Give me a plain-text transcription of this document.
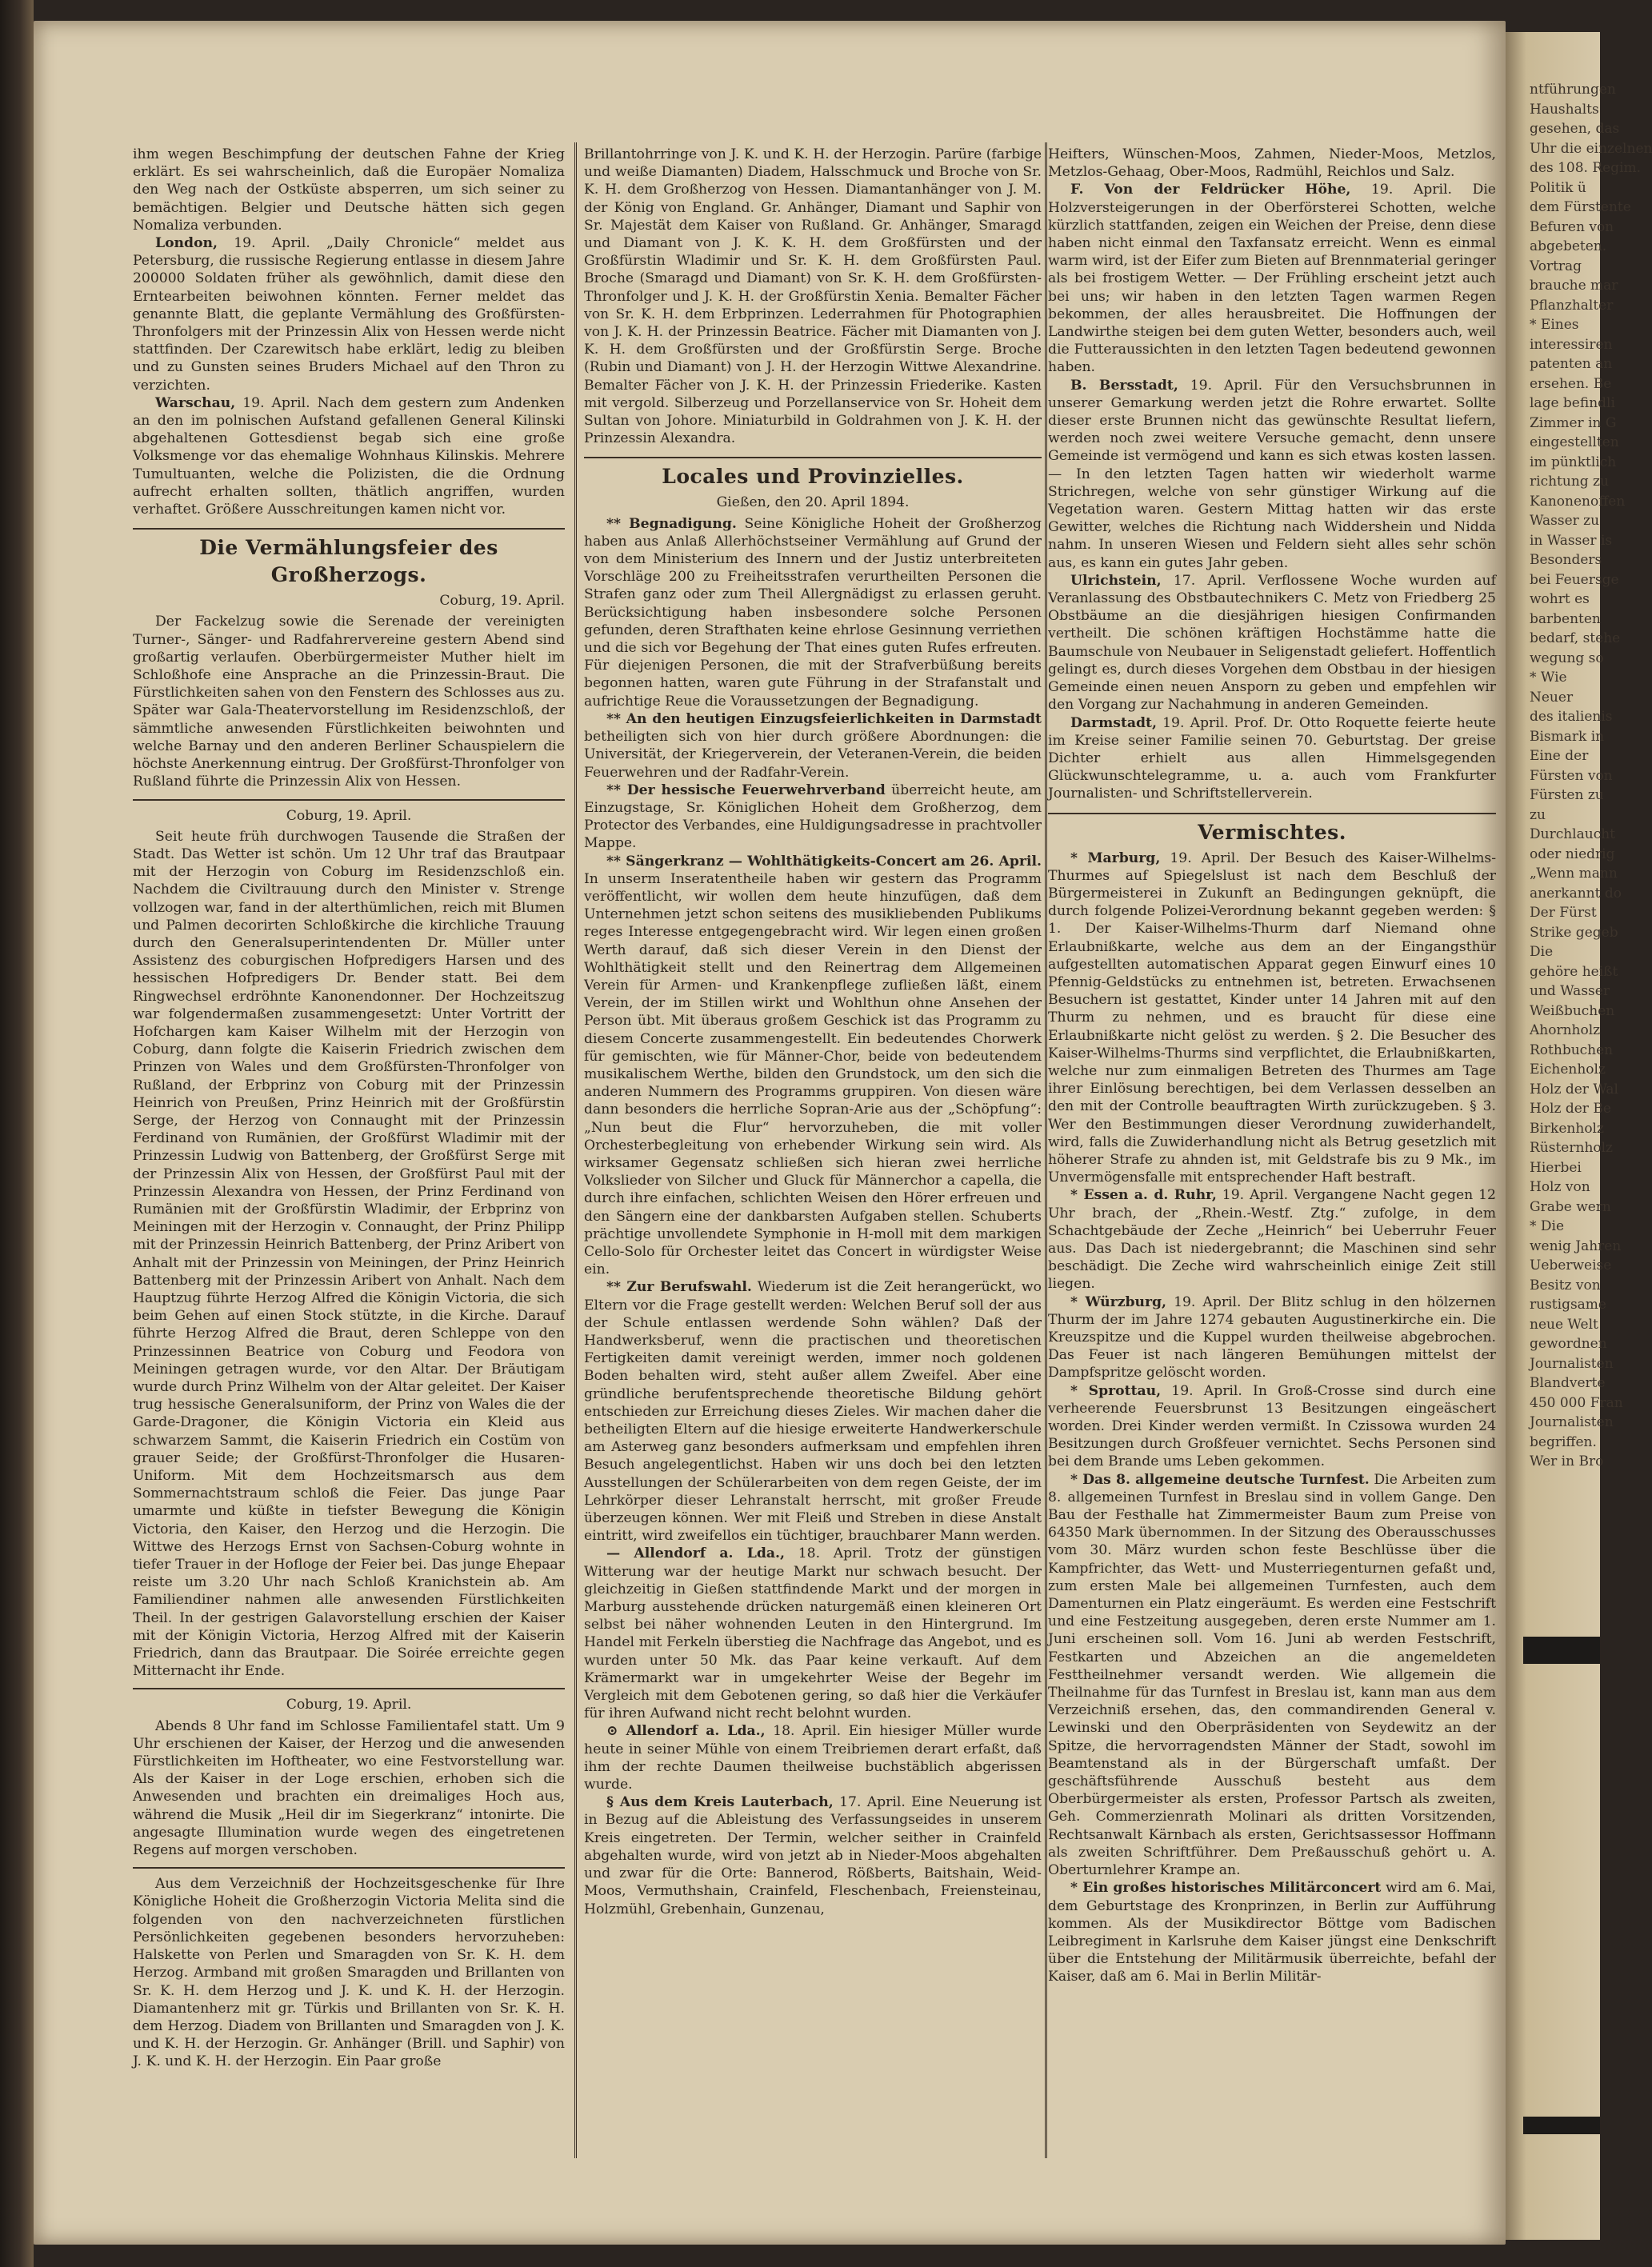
ntführungen
Haushalts
gesehen, das
Uhr die einzelnen
des 108. Regim.
Politik ü
dem Fürstente
Befuren von
abgebeten.
Vortrag
brauche mar
Pflanzhalter
* Eines
interessiren
patenten an
ersehen. Be
lage befindli
Zimmer in G
eingestellten
im pünktlich
richtung zu
Kanonenoffen
Wasser zu
in Wasser is
Besonders
bei Feuersge
wohrt es
barbenten
bedarf, stehe
wegung so
* Wie
Neuer
des italienis
Bismark in
Eine der
Fürsten von
Fürsten zu
zu
Durchlaucht
oder niedrig
„Wenn mann
anerkannt do
Der Fürst
Strike gegeb
Die
gehöre heißt
und Wasser
Weißbuchen
Ahornholz
Rothbuchen
Eichenholz
Holz der Wal
Holz der Be
Birkenholz
Rüsternholz
Hierbei
Holz von
Grabe wern
* Die
wenig Jahren
Ueberweise
Besitz von
rustigsame
neue Welt
gewordnen
Journalisten
Blandverte
450 000 Fran
Journalisten
begriffen.
Wer in Bro

ihm wegen Beschimpfung der deutschen Fahne der Krieg erklärt. Es sei wahrscheinlich, daß die Europäer Nomaliza den Weg nach der Ostküste absperren, um sich seiner zu bemächtigen. Belgier und Deutsche hätten sich gegen Nomaliza verbunden.

London, 19. April. „Daily Chronicle“ meldet aus Petersburg, die russische Regierung entlasse in diesem Jahre 200000 Soldaten früher als gewöhnlich, damit diese den Erntearbeiten beiwohnen könnten. Ferner meldet das genannte Blatt, die geplante Vermählung des Großfürsten-Thronfolgers mit der Prinzessin Alix von Hessen werde nicht stattfinden. Der Czarewitsch habe erklärt, ledig zu bleiben und zu Gunsten seines Bruders Michael auf den Thron zu verzichten.

Warschau, 19. April. Nach dem gestern zum Andenken an den im polnischen Aufstand gefallenen General Kilinski abgehaltenen Gottesdienst begab sich eine große Volksmenge vor das ehemalige Wohnhaus Kilinskis. Mehrere Tumultuanten, welche die Polizisten, die die Ordnung aufrecht erhalten sollten, thätlich angriffen, wurden verhaftet. Größere Ausschreitungen kamen nicht vor.

Die Vermählungsfeier des Großherzogs.
Coburg, 19. April.

Der Fackelzug sowie die Serenade der vereinigten Turner-, Sänger- und Radfahrervereine gestern Abend sind großartig verlaufen. Oberbürgermeister Muther hielt im Schloßhofe eine Ansprache an die Prinzessin-Braut. Die Fürstlichkeiten sahen von den Fenstern des Schlosses aus zu. Später war Gala-Theatervorstellung im Residenzschloß, der sämmtliche anwesenden Fürstlichkeiten beiwohnten und welche Barnay und den anderen Berliner Schauspielern die höchste Anerkennung eintrug. Der Großfürst-Thronfolger von Rußland führte die Prinzessin Alix von Hessen.

Coburg, 19. April.

Seit heute früh durchwogen Tausende die Straßen der Stadt. Das Wetter ist schön. Um 12 Uhr traf das Brautpaar mit der Herzogin von Coburg im Residenzschloß ein. Nachdem die Civiltrauung durch den Minister v. Strenge vollzogen war, fand in der alterthümlichen, reich mit Blumen und Palmen decorirten Schloßkirche die kirchliche Trauung durch den Generalsuperintendenten Dr. Müller unter Assistenz des coburgischen Hofpredigers Harsen und des hessischen Hofpredigers Dr. Bender statt. Bei dem Ringwechsel erdröhnte Kanonendonner. Der Hochzeitszug war folgendermaßen zusammengesetzt: Unter Vortritt der Hofchargen kam Kaiser Wilhelm mit der Herzogin von Coburg, dann folgte die Kaiserin Friedrich zwischen dem Prinzen von Wales und dem Großfürsten-Thronfolger von Rußland, der Erbprinz von Coburg mit der Prinzessin Heinrich von Preußen, Prinz Heinrich mit der Großfürstin Serge, der Herzog von Connaught mit der Prinzessin Ferdinand von Rumänien, der Großfürst Wladimir mit der Prinzessin Ludwig von Battenberg, der Großfürst Serge mit der Prinzessin Alix von Hessen, der Großfürst Paul mit der Prinzessin Alexandra von Hessen, der Prinz Ferdinand von Rumänien mit der Großfürstin Wladimir, der Erbprinz von Meiningen mit der Herzogin v. Connaught, der Prinz Philipp mit der Prinzessin Heinrich Battenberg, der Prinz Aribert von Anhalt mit der Prinzessin von Meiningen, der Prinz Heinrich Battenberg mit der Prinzessin Aribert von Anhalt. Nach dem Hauptzug führte Herzog Alfred die Königin Victoria, die sich beim Gehen auf einen Stock stützte, in die Kirche. Darauf führte Herzog Alfred die Braut, deren Schleppe von den Prinzessinnen Beatrice von Coburg und Feodora von Meiningen getragen wurde, vor den Altar. Der Bräutigam wurde durch Prinz Wilhelm von der Altar geleitet. Der Kaiser trug hessische Generalsuniform, der Prinz von Wales die der Garde-Dragoner, die Königin Victoria ein Kleid aus schwarzem Sammt, die Kaiserin Friedrich ein Costüm von grauer Seide; der Großfürst-Thronfolger die Husaren-Uniform. Mit dem Hochzeitsmarsch aus dem Sommernachtstraum schloß die Feier. Das junge Paar umarmte und küßte in tiefster Bewegung die Königin Victoria, den Kaiser, den Herzog und die Herzogin. Die Wittwe des Herzogs Ernst von Sachsen-Coburg wohnte in tiefer Trauer in der Hofloge der Feier bei. Das junge Ehepaar reiste um 3.20 Uhr nach Schloß Kranichstein ab. Am Familiendiner nahmen alle anwesenden Fürstlichkeiten Theil. In der gestrigen Galavorstellung erschien der Kaiser mit der Königin Victoria, Herzog Alfred mit der Kaiserin Friedrich, dann das Brautpaar. Die Soirée erreichte gegen Mitternacht ihr Ende.

Coburg, 19. April.

Abends 8 Uhr fand im Schlosse Familientafel statt. Um 9 Uhr erschienen der Kaiser, der Herzog und die anwesenden Fürstlichkeiten im Hoftheater, wo eine Festvorstellung war. Als der Kaiser in der Loge erschien, erhoben sich die Anwesenden und brachten ein dreimaliges Hoch aus, während die Musik „Heil dir im Siegerkranz“ intonirte. Die angesagte Illumination wurde wegen des eingetretenen Regens auf morgen verschoben.

Aus dem Verzeichniß der Hochzeitsgeschenke für Ihre Königliche Hoheit die Großherzogin Victoria Melita sind die folgenden von den nachverzeichneten fürstlichen Persönlichkeiten gegebenen besonders hervorzuheben: Halskette von Perlen und Smaragden von Sr. K. H. dem Herzog. Armband mit großen Smaragden und Brillanten von Sr. K. H. dem Herzog und J. K. und K. H. der Herzogin. Diamantenherz mit gr. Türkis und Brillanten von Sr. K. H. dem Herzog. Diadem von Brillanten und Smaragden von J. K. und K. H. der Herzogin. Gr. Anhänger (Brill. und Saphir) von J. K. und K. H. der Herzogin. Ein Paar große

Brillantohrringe von J. K. und K. H. der Herzogin. Parüre (farbige und weiße Diamanten) Diadem, Halsschmuck und Broche von Sr. K. H. dem Großherzog von Hessen. Diamantanhänger von J. M. der König von England. Gr. Anhänger, Diamant und Saphir von Sr. Majestät dem Kaiser von Rußland. Gr. Anhänger, Smaragd und Diamant von J. K. K. H. dem Großfürsten und der Großfürstin Wladimir und Sr. K. H. dem Großfürsten Paul. Broche (Smaragd und Diamant) von Sr. K. H. dem Großfürsten-Thronfolger und J. K. H. der Großfürstin Xenia. Bemalter Fächer von Sr. K. H. dem Erbprinzen. Lederrahmen für Photographien von J. K. H. der Prinzessin Beatrice. Fächer mit Diamanten von J. K. H. dem Großfürsten und der Großfürstin Serge. Broche (Rubin und Diamant) von J. H. der Herzogin Wittwe Alexandrine. Bemalter Fächer von J. K. H. der Prinzessin Friederike. Kasten mit vergold. Silberzeug und Porzellanservice von Sr. Hoheit dem Sultan von Johore. Miniaturbild in Goldrahmen von J. K. H. der Prinzessin Alexandra.

Locales und Provinzielles.
Gießen, den 20. April 1894.

** Begnadigung. Seine Königliche Hoheit der Großherzog haben aus Anlaß Allerhöchstseiner Vermählung auf Grund der von dem Ministerium des Innern und der Justiz unterbreiteten Vorschläge 200 zu Freiheitsstrafen verurtheilten Personen die Strafen ganz oder zum Theil Allergnädigst zu erlassen geruht. Berücksichtigung haben insbesondere solche Personen gefunden, deren Strafthaten keine ehrlose Gesinnung verriethen und die sich vor Begehung der That eines guten Rufes erfreuten. Für diejenigen Personen, die mit der Strafverbüßung bereits begonnen hatten, waren gute Führung in der Strafanstalt und aufrichtige Reue die Voraussetzungen der Begnadigung.

** An den heutigen Einzugsfeierlichkeiten in Darmstadt betheiligten sich von hier durch größere Abordnungen: die Universität, der Kriegerverein, der Veteranen-Verein, die beiden Feuerwehren und der Radfahr-Verein.

** Der hessische Feuerwehrverband überreicht heute, am Einzugstage, Sr. Königlichen Hoheit dem Großherzog, dem Protector des Verbandes, eine Huldigungsadresse in prachtvoller Mappe.

** Sängerkranz — Wohlthätigkeits-Concert am 26. April. In unserm Inseratentheile haben wir gestern das Programm veröffentlicht, wir wollen dem heute hinzufügen, daß dem Unternehmen jetzt schon seitens des musikliebenden Publikums reges Interesse entgegengebracht wird. Wir legen einen großen Werth darauf, daß sich dieser Verein in den Dienst der Wohlthätigkeit stellt und den Reinertrag dem Allgemeinen Verein für Armen- und Krankenpflege zufließen läßt, einem Verein, der im Stillen wirkt und Wohlthun ohne Ansehen der Person übt. Mit überaus großem Geschick ist das Programm zu diesem Concerte zusammengestellt. Ein bedeutendes Chorwerk für gemischten, wie für Männer-Chor, beide von bedeutendem musikalischem Werthe, bilden den Grundstock, um den sich die anderen Nummern des Programms gruppiren. Von diesen wäre dann besonders die herrliche Sopran-Arie aus der „Schöpfung“: „Nun beut die Flur“ hervorzuheben, die mit voller Orchesterbegleitung von erhebender Wirkung sein wird. Als wirksamer Gegensatz schließen sich hieran zwei herrliche Volkslieder von Silcher und Gluck für Männerchor a capella, die durch ihre einfachen, schlichten Weisen den Hörer erfreuen und den Sängern eine der dankbarsten Aufgaben stellen. Schuberts prächtige unvollendete Symphonie in H-moll mit dem markigen Cello-Solo für Orchester leitet das Concert in würdigster Weise ein.

** Zur Berufswahl. Wiederum ist die Zeit herangerückt, wo Eltern vor die Frage gestellt werden: Welchen Beruf soll der aus der Schule entlassen werdende Sohn wählen? Daß der Handwerksberuf, wenn die practischen und theoretischen Fertigkeiten damit vereinigt werden, immer noch goldenen Boden behalten wird, steht außer allem Zweifel. Aber eine gründliche berufentsprechende theoretische Bildung gehört entschieden zur Erreichung dieses Zieles. Wir machen daher die betheiligten Eltern auf die hiesige erweiterte Handwerkerschule am Asterweg ganz besonders aufmerksam und empfehlen ihren Besuch angelegentlichst. Haben wir uns doch bei den letzten Ausstellungen der Schülerarbeiten von dem regen Geiste, der im Lehrkörper dieser Lehranstalt herrscht, mit großer Freude überzeugen können. Wer mit Fleiß und Streben in diese Anstalt eintritt, wird zweifellos ein tüchtiger, brauchbarer Mann werden.

— Allendorf a. Lda., 18. April. Trotz der günstigen Witterung war der heutige Markt nur schwach besucht. Der gleichzeitig in Gießen stattfindende Markt und der morgen in Marburg ausstehende drücken naturgemäß einen kleineren Ort selbst bei näher wohnenden Leuten in den Hintergrund. Im Handel mit Ferkeln überstieg die Nachfrage das Angebot, und es wurden unter 50 Mk. das Paar keine verkauft. Auf dem Krämermarkt war in umgekehrter Weise der Begehr im Vergleich mit dem Gebotenen gering, so daß hier die Verkäufer für ihren Aufwand nicht recht belohnt wurden.

⊙ Allendorf a. Lda., 18. April. Ein hiesiger Müller wurde heute in seiner Mühle von einem Treibriemen derart erfaßt, daß ihm der rechte Daumen theilweise buchstäblich abgerissen wurde.

§ Aus dem Kreis Lauterbach, 17. April. Eine Neuerung ist in Bezug auf die Ableistung des Verfassungseides in unserem Kreis eingetreten. Der Termin, welcher seither in Crainfeld abgehalten wurde, wird von jetzt ab in Nieder-Moos abgehalten und zwar für die Orte: Bannerod, Rößberts, Baitshain, Weid-Moos, Vermuthshain, Crainfeld, Fleschenbach, Freiensteinau, Holzmühl, Grebenhain, Gunzenau,

Heifters, Wünschen-Moos, Zahmen, Nieder-Moos, Metzlos, Metzlos-Gehaag, Ober-Moos, Radmühl, Reichlos und Salz.

F. Von der Feldrücker Höhe, 19. April. Die Holzversteigerungen in der Oberförsterei Schotten, welche kürzlich stattfanden, zeigen ein Weichen der Preise, denn diese haben nicht einmal den Taxfansatz erreicht. Wenn es einmal warm wird, ist der Eifer zum Bieten auf Brennmaterial geringer als bei frostigem Wetter. — Der Frühling erscheint jetzt auch bei uns; wir haben in den letzten Tagen warmen Regen bekommen, der alles herausbreitet. Die Hoffnungen der Landwirthe steigen bei dem guten Wetter, besonders auch, weil die Futteraussichten in den letzten Tagen bedeutend gewonnen haben.

B. Bersstadt, 19. April. Für den Versuchsbrunnen in unserer Gemarkung werden jetzt die Rohre erwartet. Sollte dieser erste Brunnen nicht das gewünschte Resultat liefern, werden noch zwei weitere Versuche gemacht, denn unsere Gemeinde ist vermögend und kann es sich etwas kosten lassen. — In den letzten Tagen hatten wir wiederholt warme Strichregen, welche von sehr günstiger Wirkung auf die Vegetation waren. Gestern Mittag hatten wir das erste Gewitter, welches die Richtung nach Widdershein und Nidda nahm. In unseren Wiesen und Feldern sieht alles sehr schön aus, es kann ein gutes Jahr geben.

Ulrichstein, 17. April. Verflossene Woche wurden auf Veranlassung des Obstbautechnikers C. Metz von Friedberg 25 Obstbäume an die diesjährigen hiesigen Confirmanden vertheilt. Die schönen kräftigen Hochstämme hatte die Baumschule von Neubauer in Seligenstadt geliefert. Hoffentlich gelingt es, durch dieses Vorgehen dem Obstbau in der hiesigen Gemeinde einen neuen Ansporn zu geben und empfehlen wir den Vorgang zur Nachahmung in anderen Gemeinden.

Darmstadt, 19. April. Prof. Dr. Otto Roquette feierte heute im Kreise seiner Familie seinen 70. Geburtstag. Der greise Dichter erhielt aus allen Himmelsgegenden Glückwunschtelegramme, u. a. auch vom Frankfurter Journalisten- und Schriftstellerverein.

Vermischtes.

* Marburg, 19. April. Der Besuch des Kaiser-Wilhelms-Thurmes auf Spiegelslust ist nach dem Beschluß der Bürgermeisterei in Zukunft an Bedingungen geknüpft, die durch folgende Polizei-Verordnung bekannt gegeben werden: § 1. Der Kaiser-Wilhelms-Thurm darf Niemand ohne Erlaubnißkarte, welche aus dem an der Eingangsthür aufgestellten automatischen Apparat gegen Einwurf eines 10 Pfennig-Geldstücks zu entnehmen ist, betreten. Erwachsenen Besuchern ist gestattet, Kinder unter 14 Jahren mit auf den Thurm zu nehmen, und es braucht für diese eine Erlaubnißkarte nicht gelöst zu werden. § 2. Die Besucher des Kaiser-Wilhelms-Thurms sind verpflichtet, die Erlaubnißkarten, welche nur zum einmaligen Betreten des Thurmes am Tage ihrer Einlösung berechtigen, bei dem Verlassen desselben an den mit der Controlle beauftragten Wirth zurückzugeben. § 3. Wer den Bestimmungen dieser Verordnung zuwiderhandelt, wird, falls die Zuwiderhandlung nicht als Betrug gesetzlich mit höherer Strafe zu ahnden ist, mit Geldstrafe bis zu 9 Mk., im Unvermögensfalle mit entsprechender Haft bestraft.

* Essen a. d. Ruhr, 19. April. Vergangene Nacht gegen 12 Uhr brach, der „Rhein.-Westf. Ztg.“ zufolge, in dem Schachtgebäude der Zeche „Heinrich“ bei Ueberruhr Feuer aus. Das Dach ist niedergebrannt; die Maschinen sind sehr beschädigt. Die Zeche wird wahrscheinlich einige Zeit still liegen.

* Würzburg, 19. April. Der Blitz schlug in den hölzernen Thurm der im Jahre 1274 gebauten Augustinerkirche ein. Die Kreuzspitze und die Kuppel wurden theilweise abgebrochen. Das Feuer ist nach längeren Bemühungen mittelst der Dampfspritze gelöscht worden.

* Sprottau, 19. April. In Groß-Crosse sind durch eine verheerende Feuersbrunst 13 Besitzungen eingeäschert worden. Drei Kinder werden vermißt. In Czissowa wurden 24 Besitzungen durch Großfeuer vernichtet. Sechs Personen sind bei dem Brande ums Leben gekommen.

* Das 8. allgemeine deutsche Turnfest. Die Arbeiten zum 8. allgemeinen Turnfest in Breslau sind in vollem Gange. Den Bau der Festhalle hat Zimmermeister Baum zum Preise von 64350 Mark übernommen. In der Sitzung des Oberausschusses vom 30. März wurden schon feste Beschlüsse über die Kampfrichter, das Wett- und Musterriegenturnen gefaßt und, zum ersten Male bei allgemeinen Turnfesten, auch dem Damenturnen ein Platz eingeräumt. Es werden eine Festschrift und eine Festzeitung ausgegeben, deren erste Nummer am 1. Juni erscheinen soll. Vom 16. Juni ab werden Festschrift, Festkarten und Abzeichen an die angemeldeten Festtheilnehmer versandt werden. Wie allgemein die Theilnahme für das Turnfest in Breslau ist, kann man aus dem Verzeichniß ersehen, das, den commandirenden General v. Lewinski und den Oberpräsidenten von Seydewitz an der Spitze, die hervorragendsten Männer der Stadt, sowohl im Beamtenstand als in der Bürgerschaft umfaßt. Der geschäftsführende Ausschuß besteht aus dem Oberbürgermeister als ersten, Professor Partsch als zweiten, Geh. Commerzienrath Molinari als dritten Vorsitzenden, Rechtsanwalt Kärnbach als ersten, Gerichtsassessor Hoffmann als zweiten Schriftführer. Dem Preßausschuß gehört u. A. Oberturnlehrer Krampe an.

* Ein großes historisches Militärconcert wird am 6. Mai, dem Geburtstage des Kronprinzen, in Berlin zur Aufführung kommen. Als der Musikdirector Böttge vom Badischen Leibregiment in Karlsruhe dem Kaiser jüngst eine Denkschrift über die Entstehung der Militärmusik überreichte, befahl der Kaiser, daß am 6. Mai in Berlin Militär-
